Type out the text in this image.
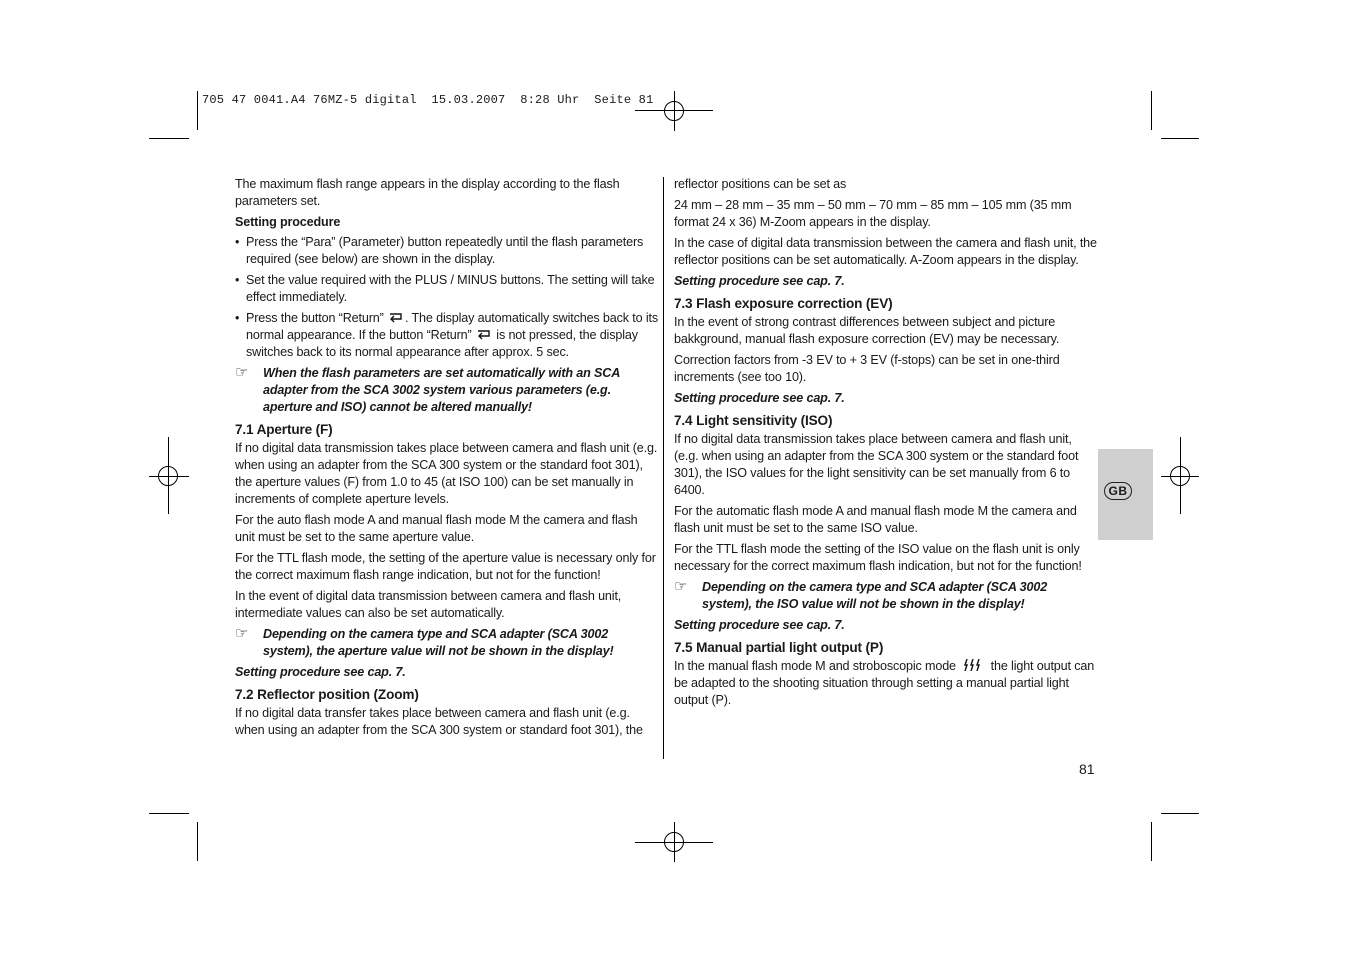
705 47 0041.A4 76MZ-5 digital  15.03.2007  8:28 Uhr  Seite 81

The maximum flash range appears in the display according to the flash parameters set.

Setting procedure

• Press the “Para” (Parameter) button repeatedly until the flash parameters required (see below) are shown in the display.
• Set the value required with the PLUS / MINUS buttons. The setting will take effect immediately.
• Press the button “Return” . The display automatically switches back to its normal appearance. If the button “Return” is not pressed, the display switches back to its normal appearance after approx. 5 sec.
☞ When the flash parameters are set automatically with an SCA adapter from the SCA 3002 system various parameters (e.g. aperture and ISO) cannot be altered manually!
7.1 Aperture (F)

If no digital data transmission takes place between camera and flash unit (e.g. when using an adapter from the SCA 300 system or the standard foot 301), the aperture values (F) from 1.0 to 45 (at ISO 100) can be set manually in increments of complete aperture levels.

For the auto flash mode A and manual flash mode M the camera and flash unit must be set to the same aperture value.

For the TTL flash mode, the setting of the aperture value is necessary only for the correct maximum flash range indication, but not for the function!

In the event of digital data transmission between camera and flash unit, intermediate values can also be set automatically.

☞ Depending on the camera type and SCA adapter (SCA 3002 system), the aperture value will not be shown in the display!

Setting procedure see cap. 7.

7.2 Reflector position (Zoom)

If no digital data transfer takes place between camera and flash unit (e.g. when using an adapter from the SCA 300 system or standard foot 301), the

reflector positions can be set as

24 mm – 28 mm – 35 mm – 50 mm – 70 mm – 85 mm – 105 mm (35 mm format 24 x 36) M-Zoom appears in the display.

In the case of digital data transmission between the camera and flash unit, the reflector positions can be set automatically. A-Zoom appears in the display.

Setting procedure see cap. 7.

7.3 Flash exposure correction (EV)

In the event of strong contrast differences between subject and picture bakkground, manual flash exposure correction (EV) may be necessary.

Correction factors from -3 EV to + 3 EV (f-stops) can be set in one-third increments (see too 10).

Setting procedure see cap. 7.

7.4 Light sensitivity (ISO)

If no digital data transmission takes place between camera and flash unit, (e.g. when using an adapter from the SCA 300 system or the standard foot 301), the ISO values for the light sensitivity can be set manually from 6 to 6400.

For the automatic flash mode A and manual flash mode M the camera and flash unit must be set to the same ISO value.

For the TTL flash mode the setting of the ISO value on the flash unit is only necessary for the correct maximum flash indication, but not for the function!

☞ Depending on the camera type and SCA adapter (SCA 3002 system), the ISO value will not be shown in the display!

Setting procedure see cap. 7.

7.5 Manual partial light output (P)

In the manual flash mode M and stroboscopic mode	the light output can be adapted to the shooting situation through setting a manual partial light output (P).

GB
81
